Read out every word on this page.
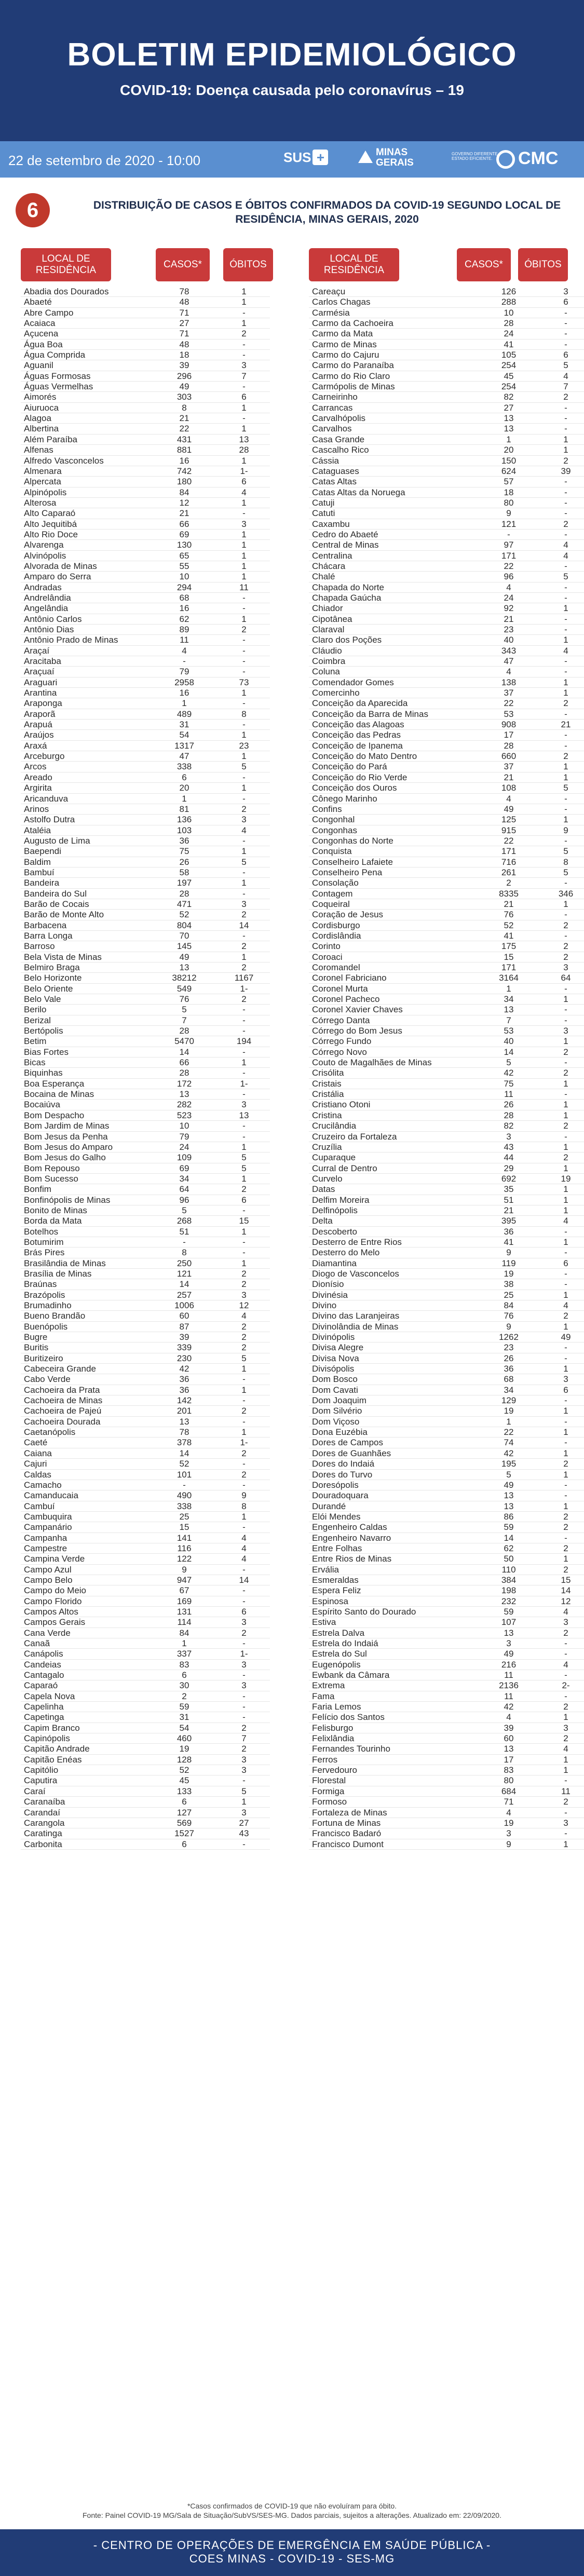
BOLETIM EPIDEMIOLÓGICO
COVID-19: Doença causada pelo coronavírus – 19
22 de setembro de 2020 - 10:00	SUS +	MINAS
GERAIS
GOVERNO DIFERENTE. ESTADO EFICIENTE.	CMC
6	DISTRIBUIÇÃO DE CASOS E ÓBITOS CONFIRMADOS DA COVID-19 SEGUNDO LOCAL DE RESIDÊNCIA, MINAS GERAIS, 2020
LOCAL DE RESIDÊNCIA
CASOS*	ÓBITOS
LOCAL DE RESIDÊNCIA
CASOS*	ÓBITOS
Abadia dos Dourados	78	1
Abaeté	48	1
Abre Campo	71	-
Acaiaca	27	1
Açucena	71	2
Água Boa	48	-
Água Comprida	18	-
Aguanil	39	3
Águas Formosas	296	7
Águas Vermelhas	49	-
Aimorés	303	6
Aiuruoca	8	1
Alagoa	21	-
Albertina	22	1
Além Paraíba	431	13
Alfenas	881	28
Alfredo Vasconcelos	16	1
Almenara	742	1-
Alpercata	180	6
Alpinópolis	84	4
Alterosa	12	1
Alto Caparaó	21	-
Alto Jequitibá	66	3
Alto Rio Doce	69	1
Alvarenga	130	1
Alvinópolis	65	1
Alvorada de Minas	55	1
Amparo do Serra	10	1
Andradas	294	11
Andrelândia	68	-
Angelândia	16	-
Antônio Carlos	62	1
Antônio Dias	89	2
Antônio Prado de Minas	11	-
Araçaí	4	-
Aracitaba	-	-
Araçuaí	79	-
Araguari	2958	73
Arantina	16	1
Araponga	1	-
Araporã	489	8
Arapuá	31	-
Araújos	54	1
Araxá	1317	23
Arceburgo	47	1
Arcos	338	5
Areado	6	-
Argirita	20	1
Aricanduva	1	-
Arinos	81	2
Astolfo Dutra	136	3
Ataléia	103	4
Augusto de Lima	36	-
Baependi	75	1
Baldim	26	5
Bambuí	58	-
Bandeira	197	1
Bandeira do Sul	28	-
Barão de Cocais	471	3
Barão de Monte Alto	52	2
Barbacena	804	14
Barra Longa	70	-
Barroso	145	2
Bela Vista de Minas	49	1
Belmiro Braga	13	2
Belo Horizonte	38212	1167
Belo Oriente	549	1-
Belo Vale	76	2
Berilo	5	-
Berizal	7	-
Bertópolis	28	-
Betim	5470	194
Bias Fortes	14	-
Bicas	66	1
Biquinhas	28	-
Boa Esperança	172	1-
Bocaina de Minas	13	-
Bocaiúva	282	3
Bom Despacho	523	13
Bom Jardim de Minas	10	-
Bom Jesus da Penha	79	-
Bom Jesus do Amparo	24	1
Bom Jesus do Galho	109	5
Bom Repouso	69	5
Bom Sucesso	34	1
Bonfim	64	2
Bonfinópolis de Minas	96	6
Bonito de Minas	5	-
Borda da Mata	268	15
Botelhos	51	1
Botumirim	-	-
Brás Pires	8	-
Brasilândia de Minas	250	1
Brasília de Minas	121	2
Braúnas	14	2
Brazópolis	257	3
Brumadinho	1006	12
Bueno Brandão	60	4
Buenópolis	87	2
Bugre	39	2
Buritis	339	2
Buritizeiro	230	5
Cabeceira Grande	42	1
Cabo Verde	36	-
Cachoeira da Prata	36	1
Cachoeira de Minas	142	-
Cachoeira de Pajeú	201	2
Cachoeira Dourada	13	-
Caetanópolis	78	1
Caeté	378	1-
Caiana	14	2
Cajuri	52	-
Caldas	101	2
Camacho	-	-
Camanducaia	490	9
Cambuí	338	8
Cambuquira	25	1
Campanário	15	-
Campanha	141	4
Campestre	116	4
Campina Verde	122	4
Campo Azul	9	-
Campo Belo	947	14
Campo do Meio	67	-
Campo Florido	169	-
Campos Altos	131	6
Campos Gerais	114	3
Cana Verde	84	2
Canaã	1	-
Canápolis	337	1-
Candeias	83	3
Cantagalo	6	-
Caparaó	30	3
Capela Nova	2	-
Capelinha	59	-
Capetinga	31	-
Capim Branco	54	2
Capinópolis	460	7
Capitão Andrade	19	2
Capitão Enéas	128	3
Capitólio	52	3
Caputira	45	-
Caraí	133	5
Caranaíba	6	1
Carandaí	127	3
Carangola	569	27
Caratinga	1527	43
Carbonita	6	-
Careaçu	126	3
Carlos Chagas	288	6
Carmésia	10	-
Carmo da Cachoeira	28	-
Carmo da Mata	24	-
Carmo de Minas	41	-
Carmo do Cajuru	105	6
Carmo do Paranaíba	254	5
Carmo do Rio Claro	45	4
Carmópolis de Minas	254	7
Carneirinho	82	2
Carrancas	27	-
Carvalhópolis	13	-
Carvalhos	13	-
Casa Grande	1	1
Cascalho Rico	20	1
Cássia	150	2
Cataguases	624	39
Catas Altas	57	-
Catas Altas da Noruega	18	-
Catuji	80	-
Catuti	9	-
Caxambu	121	2
Cedro do Abaeté	-	-
Central de Minas	97	4
Centralina	171	4
Chácara	22	-
Chalé	96	5
Chapada do Norte	4	-
Chapada Gaúcha	24	-
Chiador	92	1
Cipotânea	21	-
Claraval	23	-
Claro dos Poções	40	1
Cláudio	343	4
Coimbra	47	-
Coluna	4	-
Comendador Gomes	138	1
Comercinho	37	1
Conceição da Aparecida	22	2
Conceição da Barra de Minas	53	-
Conceição das Alagoas	908	21
Conceição das Pedras	17	-
Conceição de Ipanema	28	-
Conceição do Mato Dentro	660	2
Conceição do Pará	37	1
Conceição do Rio Verde	21	1
Conceição dos Ouros	108	5
Cônego Marinho	4	-
Confins	49	-
Congonhal	125	1
Congonhas	915	9
Congonhas do Norte	22	-
Conquista	171	5
Conselheiro Lafaiete	716	8
Conselheiro Pena	261	5
Consolação	2	-
Contagem	8335	346
Coqueiral	21	1
Coração de Jesus	76	-
Cordisburgo	52	2
Cordislândia	41	-
Corinto	175	2
Coroaci	15	2
Coromandel	171	3
Coronel Fabriciano	3164	64
Coronel Murta	1	-
Coronel Pacheco	34	1
Coronel Xavier Chaves	13	-
Córrego Danta	7	-
Córrego do Bom Jesus	53	3
Córrego Fundo	40	1
Córrego Novo	14	2
Couto de Magalhães de Minas	5	-
Crisólita	42	2
Cristais	75	1
Cristália	11	-
Cristiano Otoni	26	1
Cristina	28	1
Crucilândia	82	2
Cruzeiro da Fortaleza	3	-
Cruzília	43	1
Cuparaque	44	2
Curral de Dentro	29	1
Curvelo	692	19
Datas	35	1
Delfim Moreira	51	1
Delfinópolis	21	1
Delta	395	4
Descoberto	36	-
Desterro de Entre Rios	41	1
Desterro do Melo	9	-
Diamantina	119	6
Diogo de Vasconcelos	19	-
Dionísio	38	-
Divinésia	25	1
Divino	84	4
Divino das Laranjeiras	76	2
Divinolândia de Minas	9	1
Divinópolis	1262	49
Divisa Alegre	23	-
Divisa Nova	26	-
Divisópolis	36	1
Dom Bosco	68	3
Dom Cavati	34	6
Dom Joaquim	129	-
Dom Silvério	19	1
Dom Viçoso	1	-
Dona Euzébia	22	1
Dores de Campos	74	-
Dores de Guanhães	42	1
Dores do Indaiá	195	2
Dores do Turvo	5	1
Doresópolis	49	-
Douradoquara	13	-
Durandé	13	1
Elói Mendes	86	2
Engenheiro Caldas	59	2
Engenheiro Navarro	14	-
Entre Folhas	62	2
Entre Rios de Minas	50	1
Ervália	110	2
Esmeraldas	384	15
Espera Feliz	198	14
Espinosa	232	12
Espírito Santo do Dourado	59	4
Estiva	107	3
Estrela Dalva	13	2
Estrela do Indaiá	3	-
Estrela do Sul	49	-
Eugenópolis	216	4
Ewbank da Câmara	11	-
Extrema	2136	2-
Fama	11	-
Faria Lemos	42	2
Felício dos Santos	4	1
Felisburgo	39	3
Felixlândia	60	2
Fernandes Tourinho	13	4
Ferros	17	1
Fervedouro	83	1
Florestal	80	-
Formiga	684	11
Formoso	71	2
Fortaleza de Minas	4	-
Fortuna de Minas	19	3
Francisco Badaró	3	-
Francisco Dumont	9	1
*Casos confirmados de COVID-19 que não evoluíram para óbito.
Fonte: Painel COVID-19 MG/Sala de Situação/SubVS/SES-MG. Dados parciais, sujeitos a alterações. Atualizado em: 22/09/2020.
- CENTRO DE OPERAÇÕES DE EMERGÊNCIA EM SAÚDE PÚBLICA -
COES MINAS - COVID-19 - SES-MG
